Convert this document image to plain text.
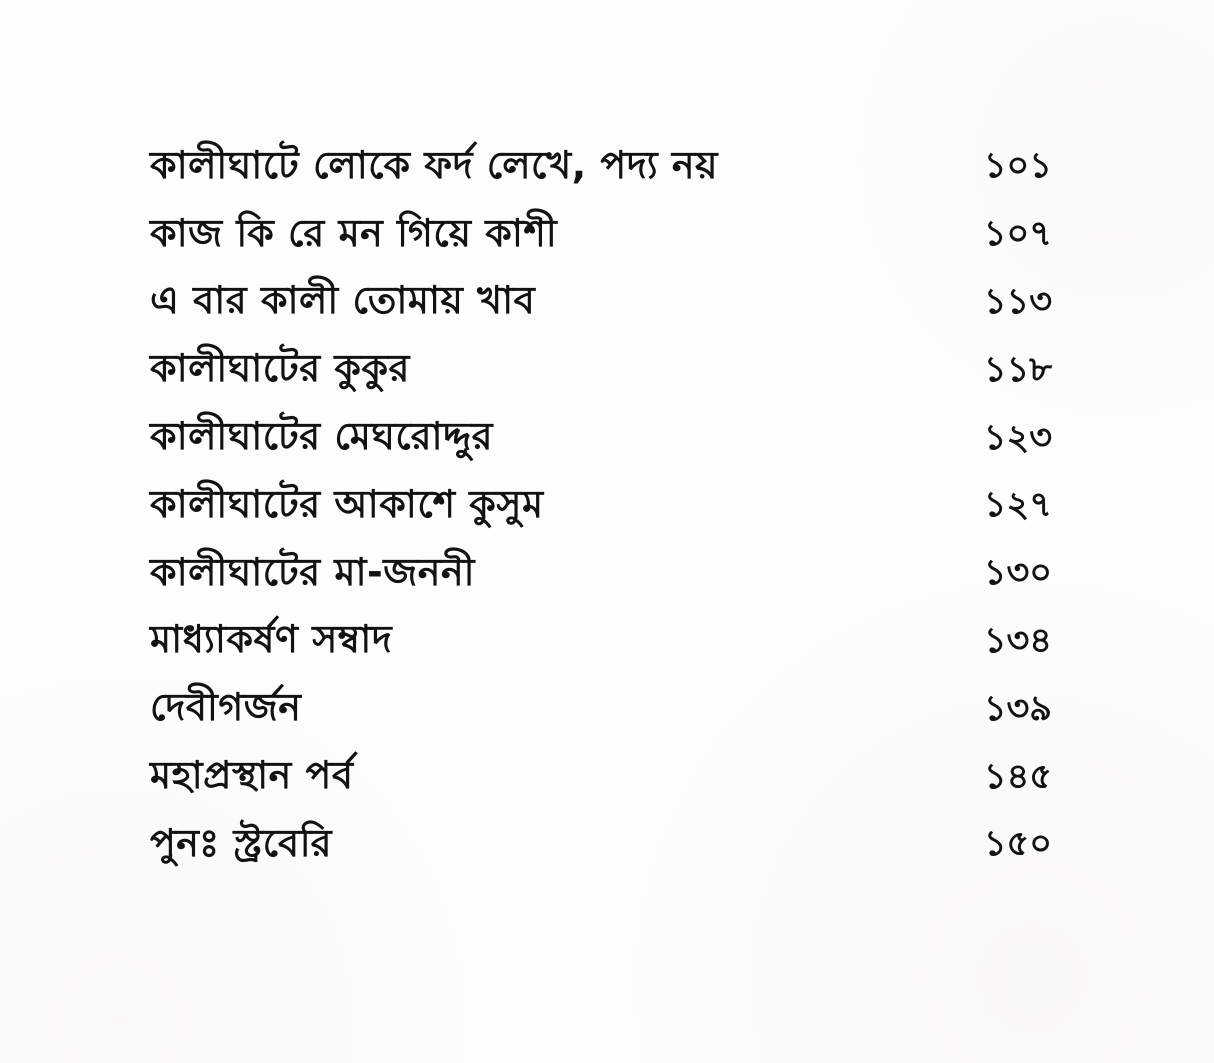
কালীঘাটে লোকে ফর্দ লেখে, পদ্য নয়	১০১
কাজ কি রে মন গিয়ে কাশী	১০৭
এ বার কালী তোমায় খাব	১১৩
কালীঘাটের কুকুর	১১৮
কালীঘাটের মেঘরোদ্দুর	১২৩
কালীঘাটের আকাশে কুসুম	১২৭
কালীঘাটের মা-জননী	১৩০
মাধ্যাকর্ষণ সম্বাদ	১৩৪
দেবীগর্জন	১৩৯
মহাপ্রস্থান পর্ব	১৪৫
পুনঃ স্ট্রবেরি	১৫০
